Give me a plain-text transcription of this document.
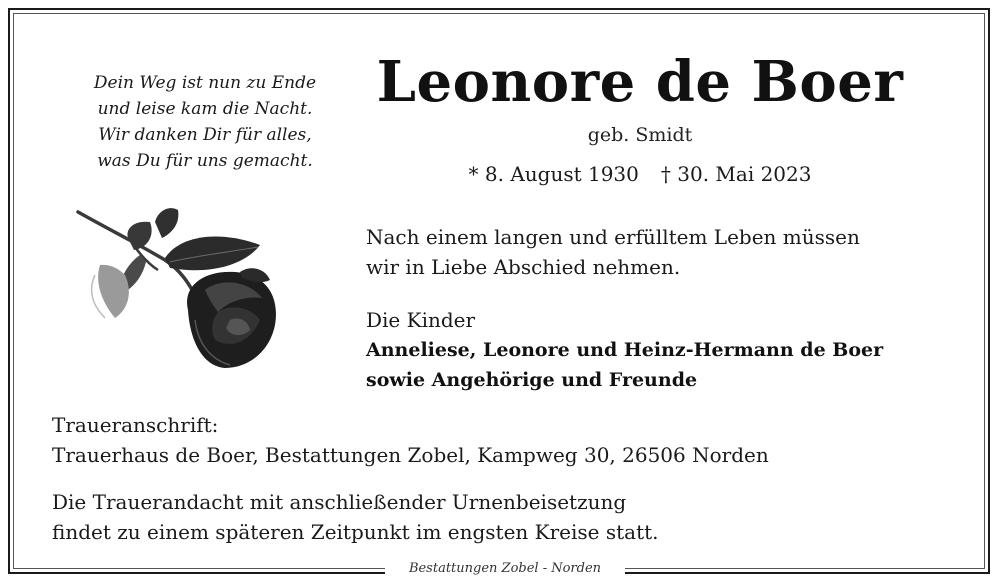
Dein Weg ist nun zu Ende
und leise kam die Nacht.
Wir danken Dir für alles,
was Du für uns gemacht.
Leonore de Boer
geb. Smidt
* 8. August 1930 † 30. Mai 2023
Nach einem langen und erfülltem Leben müssen
wir in Liebe Abschied nehmen.
Die Kinder
Anneliese, Leonore und Heinz-Hermann de Boer
sowie Angehörige und Freunde
Traueranschrift:
Trauerhaus de Boer, Bestattungen Zobel, Kampweg 30, 26506 Norden
Die Trauerandacht mit anschließender Urnenbeisetzung
findet zu einem späteren Zeitpunkt im engsten Kreise statt.
Bestattungen Zobel - Norden
